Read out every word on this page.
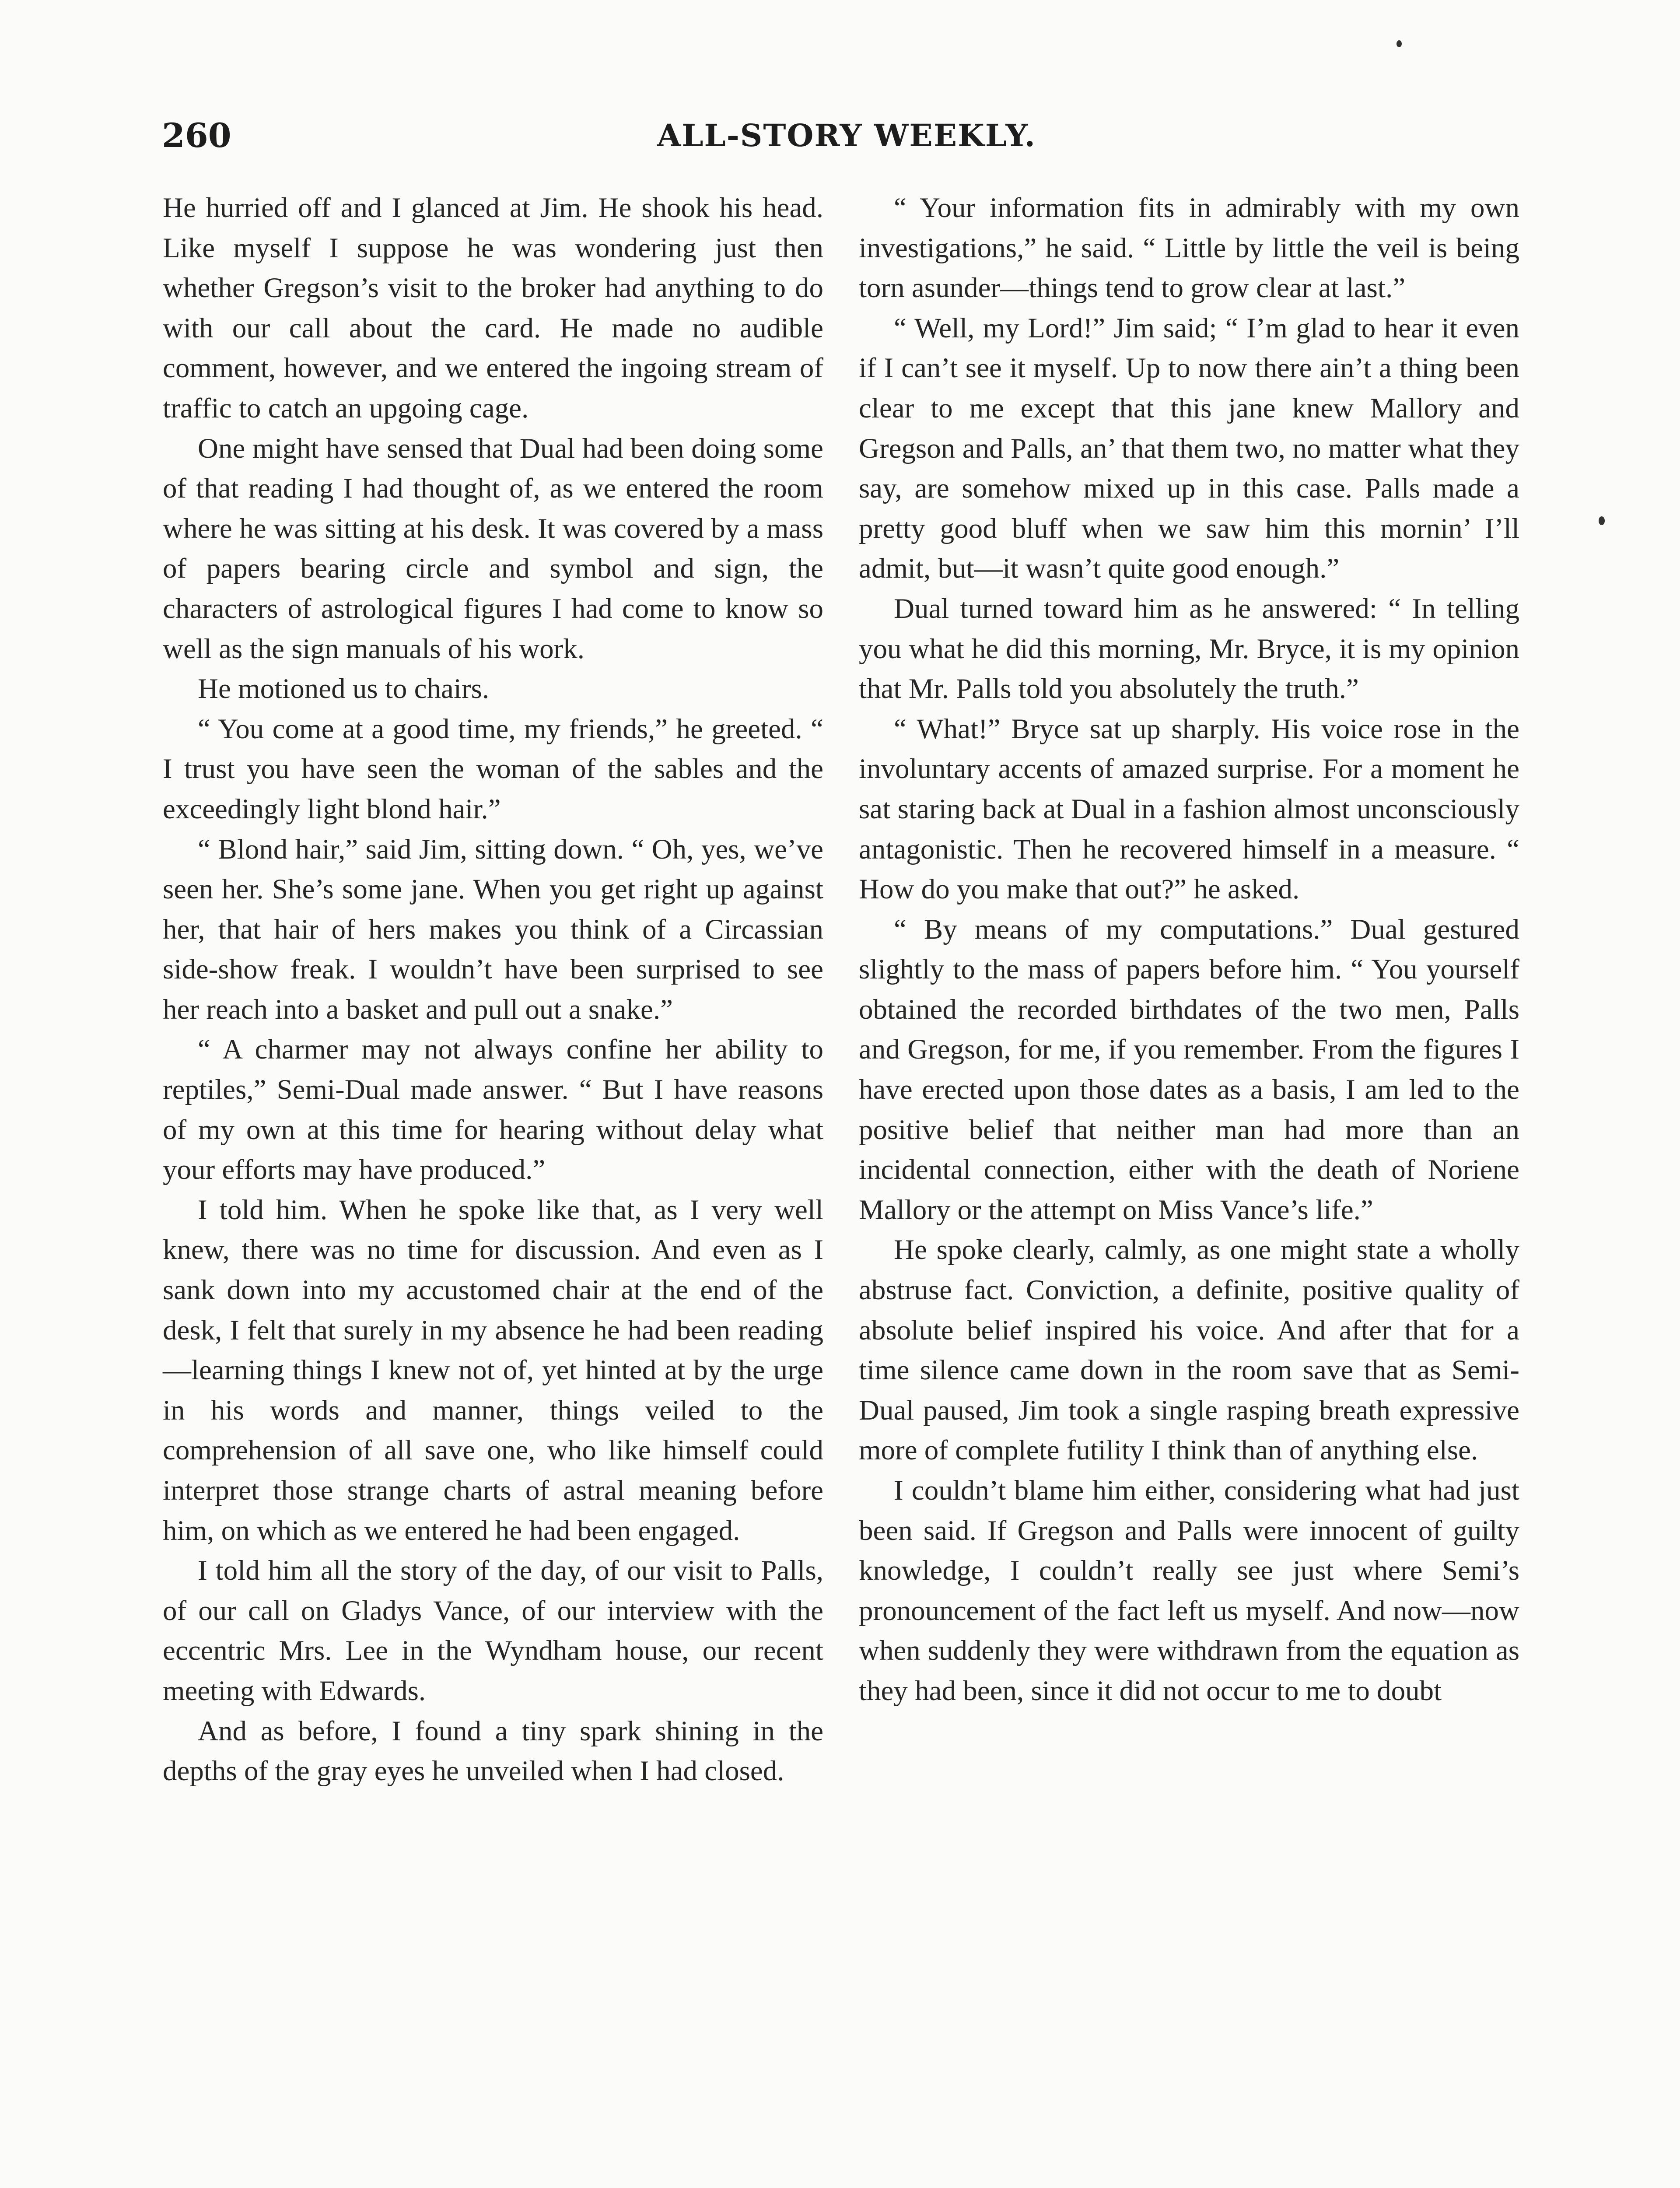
260	ALL-STORY WEEKLY.

He hurried off and I glanced at Jim. He shook his head. Like myself I suppose he was wondering just then whether Gregson’s visit to the broker had anything to do with our call about the card. He made no audible comment, however, and we entered the ingoing stream of traffic to catch an upgoing cage.

One might have sensed that Dual had been doing some of that reading I had thought of, as we entered the room where he was sitting at his desk. It was covered by a mass of papers bearing circle and symbol and sign, the characters of astrological figures I had come to know so well as the sign manuals of his work.

He motioned us to chairs.

“ You come at a good time, my friends,” he greeted. “ I trust you have seen the woman of the sables and the exceedingly light blond hair.”

“ Blond hair,” said Jim, sitting down. “ Oh, yes, we’ve seen her. She’s some jane. When you get right up against her, that hair of hers makes you think of a Circassian side-show freak. I wouldn’t have been surprised to see her reach into a basket and pull out a snake.”

“ A charmer may not always confine her ability to reptiles,” Semi-Dual made answer. “ But I have reasons of my own at this time for hearing without delay what your efforts may have produced.”

I told him. When he spoke like that, as I very well knew, there was no time for discussion. And even as I sank down into my accustomed chair at the end of the desk, I felt that surely in my absence he had been reading—learning things I knew not of, yet hinted at by the urge in his words and manner, things veiled to the comprehension of all save one, who like himself could interpret those strange charts of astral meaning before him, on which as we entered he had been engaged.

I told him all the story of the day, of our visit to Palls, of our call on Gladys Vance, of our interview with the eccentric Mrs. Lee in the Wyndham house, our recent meeting with Edwards.

And as before, I found a tiny spark shining in the depths of the gray eyes he unveiled when I had closed.

“ Your information fits in admirably with my own investigations,” he said. “ Little by little the veil is being torn asunder—things tend to grow clear at last.”

“ Well, my Lord!” Jim said; “ I’m glad to hear it even if I can’t see it myself. Up to now there ain’t a thing been clear to me except that this jane knew Mallory and Gregson and Palls, an’ that them two, no matter what they say, are somehow mixed up in this case. Palls made a pretty good bluff when we saw him this mornin’ I’ll admit, but—it wasn’t quite good enough.”

Dual turned toward him as he answered: “ In telling you what he did this morning, Mr. Bryce, it is my opinion that Mr. Palls told you absolutely the truth.”

“ What!” Bryce sat up sharply. His voice rose in the involuntary accents of amazed surprise. For a moment he sat staring back at Dual in a fashion almost unconsciously antagonistic. Then he recovered himself in a measure. “ How do you make that out?” he asked.

“ By means of my computations.” Dual gestured slightly to the mass of papers before him. “ You yourself obtained the recorded birthdates of the two men, Palls and Gregson, for me, if you remember. From the figures I have erected upon those dates as a basis, I am led to the positive belief that neither man had more than an incidental connection, either with the death of Noriene Mallory or the attempt on Miss Vance’s life.”

He spoke clearly, calmly, as one might state a wholly abstruse fact. Conviction, a definite, positive quality of absolute belief inspired his voice. And after that for a time silence came down in the room save that as Semi-Dual paused, Jim took a single rasping breath expressive more of complete futility I think than of anything else.

I couldn’t blame him either, considering what had just been said. If Gregson and Palls were innocent of guilty knowledge, I couldn’t really see just where Semi’s pronouncement of the fact left us myself. And now—now when suddenly they were withdrawn from the equation as they had been, since it did not occur to me to doubt
